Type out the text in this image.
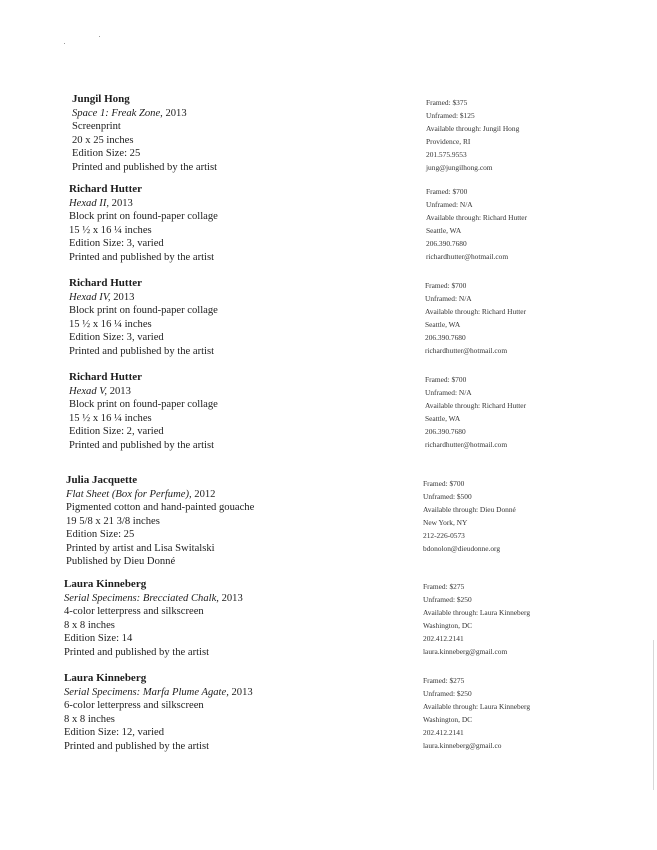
Jungil Hong
Space 1: Freak Zone, 2013
Screenprint
20 x 25 inches
Edition Size: 25
Printed and published by the artist
Framed: $375
Unframed: $125
Available through: Jungil Hong
Providence, RI
201.575.9553
jung@jungilhong.com
Richard Hutter
Hexad II, 2013
Block print on found-paper collage
15 ½ x 16 ¼ inches
Edition Size: 3, varied
Printed and published by the artist
Framed: $700
Unframed: N/A
Available through: Richard Hutter
Seattle, WA
206.390.7680
richardhutter@hotmail.com
Richard Hutter
Hexad IV, 2013
Block print on found-paper collage
15 ½ x 16 ¼ inches
Edition Size: 3, varied
Printed and published by the artist
Framed: $700
Unframed: N/A
Available through: Richard Hutter
Seattle, WA
206.390.7680
richardhutter@hotmail.com
Richard Hutter
Hexad V, 2013
Block print on found-paper collage
15 ½ x 16 ¼ inches
Edition Size: 2, varied
Printed and published by the artist
Framed: $700
Unframed: N/A
Available through: Richard Hutter
Seattle, WA
206.390.7680
richardhutter@hotmail.com
Julia Jacquette
Flat Sheet (Box for Perfume), 2012
Pigmented cotton and hand-painted gouache
19 5/8 x 21 3/8 inches
Edition Size: 25
Printed by artist and Lisa Switalski
Published by Dieu Donné
Framed: $700
Unframed: $500
Available through: Dieu Donné
New York, NY
212-226-0573
bdonolon@dieudonne.org
Laura Kinneberg
Serial Specimens: Brecciated Chalk, 2013
4-color letterpress and silkscreen
8 x 8 inches
Edition Size: 14
Printed and published by the artist
Framed: $275
Unframed: $250
Available through: Laura Kinneberg
Washington, DC
202.412.2141
laura.kinneberg@gmail.com
Laura Kinneberg
Serial Specimens: Marfa Plume Agate, 2013
6-color letterpress and silkscreen
8 x 8 inches
Edition Size: 12, varied
Printed and published by the artist
Framed: $275
Unframed: $250
Available through: Laura Kinneberg
Washington, DC
202.412.2141
laura.kinneberg@gmail.co
